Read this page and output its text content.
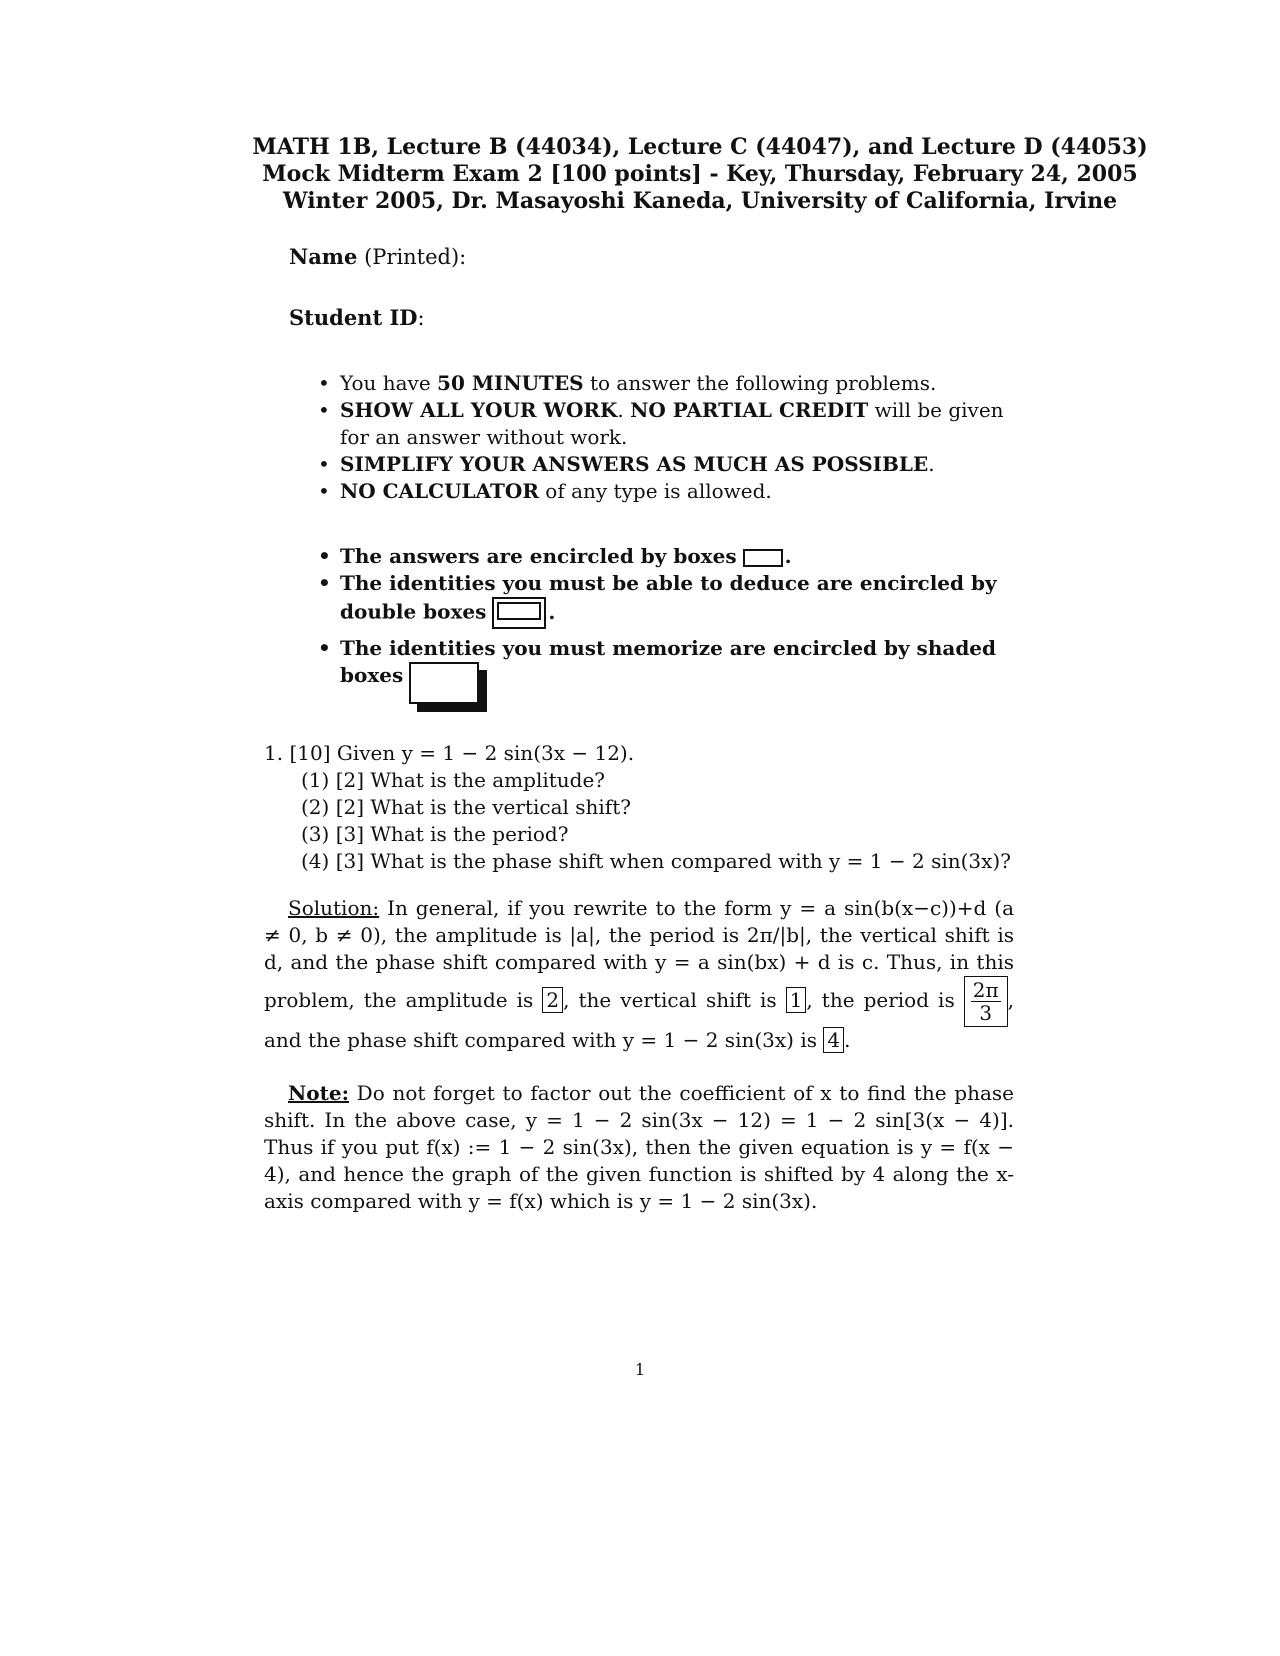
MATH 1B, Lecture B (44034), Lecture C (44047), and Lecture D (44053)
Mock Midterm Exam 2 [100 points] - Key, Thursday, February 24, 2005
Winter 2005, Dr. Masayoshi Kaneda, University of California, Irvine
Name (Printed):
Student ID:
• You have 50 MINUTES to answer the following problems.
• SHOW ALL YOUR WORK. NO PARTIAL CREDIT will be given for an answer without work.
• SIMPLIFY YOUR ANSWERS AS MUCH AS POSSIBLE.
• NO CALCULATOR of any type is allowed.
• The answers are encircled by boxes .
• The identities you must be able to deduce are encircled by double boxes	.
• The identities you must memorize are encircled by shaded boxes	.
1. [10] Given y = 1 − 2 sin(3x − 12).
(1) [2] What is the amplitude?
(2) [2] What is the vertical shift?
(3) [3] What is the period?
(4) [3] What is the phase shift when compared with y = 1 − 2 sin(3x)?
Solution: In general, if you rewrite to the form y = a sin(b(x−c))+d (a ≠ 0, b ≠ 0), the amplitude is |a|, the period is 2π/|b|, the vertical shift is d, and the phase shift compared with y = a sin(bx) + d is c. Thus, in this problem, the amplitude is 2 , the vertical shift is 1 , the period is $\frac{2\pi}{3}$ , and the phase shift compared with y = 1 − 2 sin(3x) is 4 .
Note: Do not forget to factor out the coefficient of x to find the phase shift. In the above case, y = 1 − 2 sin(3x − 12) = 1 − 2 sin[3(x − 4)]. Thus if you put f(x) := 1 − 2 sin(3x), then the given equation is y = f(x − 4), and hence the graph of the given function is shifted by 4 along the x-axis compared with y = f(x) which is y = 1 − 2 sin(3x).
1
